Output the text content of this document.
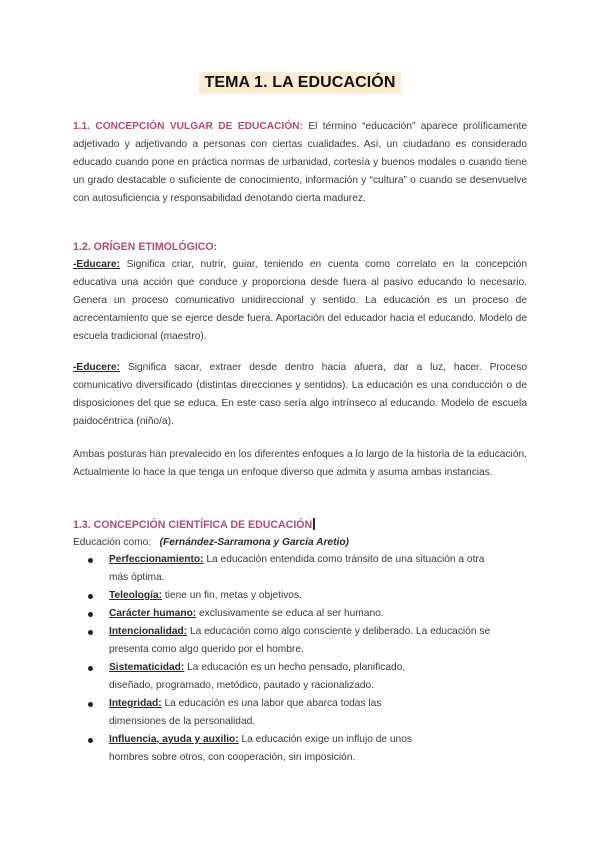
TEMA 1. LA EDUCACIÓN
1.1. CONCEPCIÓN VULGAR DE EDUCACIÓN: El término “educación” aparece prolíficamente adjetivado y adjetivando a personas con ciertas cualidades. Así, un ciudadano es considerado educado cuando pone en práctica normas de urbanidad, cortesía y buenos modales o cuando tiene un grado destacable o suficiente de conocimiento, información y “cultura” o cuando se desenvuelve con autosuficiencia y responsabilidad denotando cierta madurez.
1.2. ORÍGEN ETIMOLÓGICO:
-Educare: Significa criar, nutrir, guiar, teniendo en cuenta como correlato en la concepción educativa una acción que conduce y proporciona desde fuera al pasivo educando lo necesario. Genera un proceso comunicativo unidireccional y sentido. La educación es un proceso de acrecentamiento que se ejerce desde fuera. Aportación del educador hacia el educando. Modelo de escuela tradicional (maestro).
-Educere: Significa sacar, extraer desde dentro hacia afuera, dar a luz, hacer. Proceso comunicativo diversificado (distintas direcciones y sentidos). La educación es una conducción o de disposiciones del que se educa. En este caso sería algo intrínseco al educando. Modelo de escuela paidocéntrica (niño/a).
Ambas posturas han prevalecido en los diferentes enfoques a lo largo de la historia de la educación. Actualmente lo hace la que tenga un enfoque diverso que admita y asuma ambas instancias.
1.3. CONCEPCIÓN CIENTÍFICA DE EDUCACIÓN
Educación como: (Fernández-Sarramona y García Aretio)
Perfeccionamiento: La educación entendida como tránsito de una situación a otra
más óptima.
Teleología: tiene un fin, metas y objetivos.
Carácter humano: exclusivamente se educa al ser humano.
Intencionalidad: La educación como algo consciente y deliberado. La educación se
presenta como algo querido por el hombre.
Sistematicidad: La educación es un hecho pensado, planificado,
diseñado, programado, metódico, pautado y racionalizado.
Integridad: La educación es una labor que abarca todas las
dimensiones de la personalidad.
Influencia, ayuda y auxilio: La educación exige un influjo de unos
hombres sobre otros, con cooperación, sin imposición.
